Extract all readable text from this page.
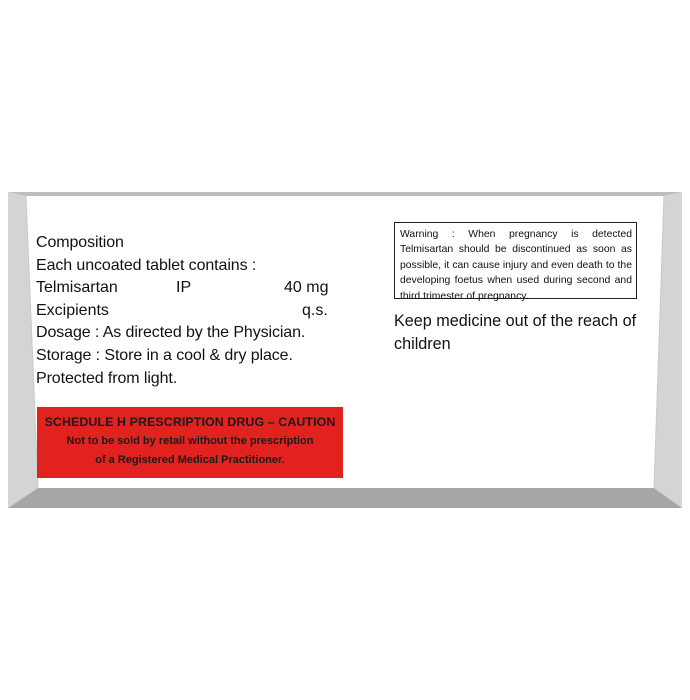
Composition
Each uncoated tablet contains :
Telmisartan	IP	40 mg
Excipients	q.s.
Dosage : As directed by the Physician.
Storage : Store in a cool & dry place.
Protected from light.
SCHEDULE H PRESCRIPTION DRUG – CAUTION
Not to be sold by retail without the prescription
of a Registered Medical Practitioner.
Warning : When pregnancy is detected Telmisartan should be discontinued as soon as possible, it can cause injury and even death to the developing foetus when used during second and third trimester of pregnancy.
Keep medicine out of the reach of children
